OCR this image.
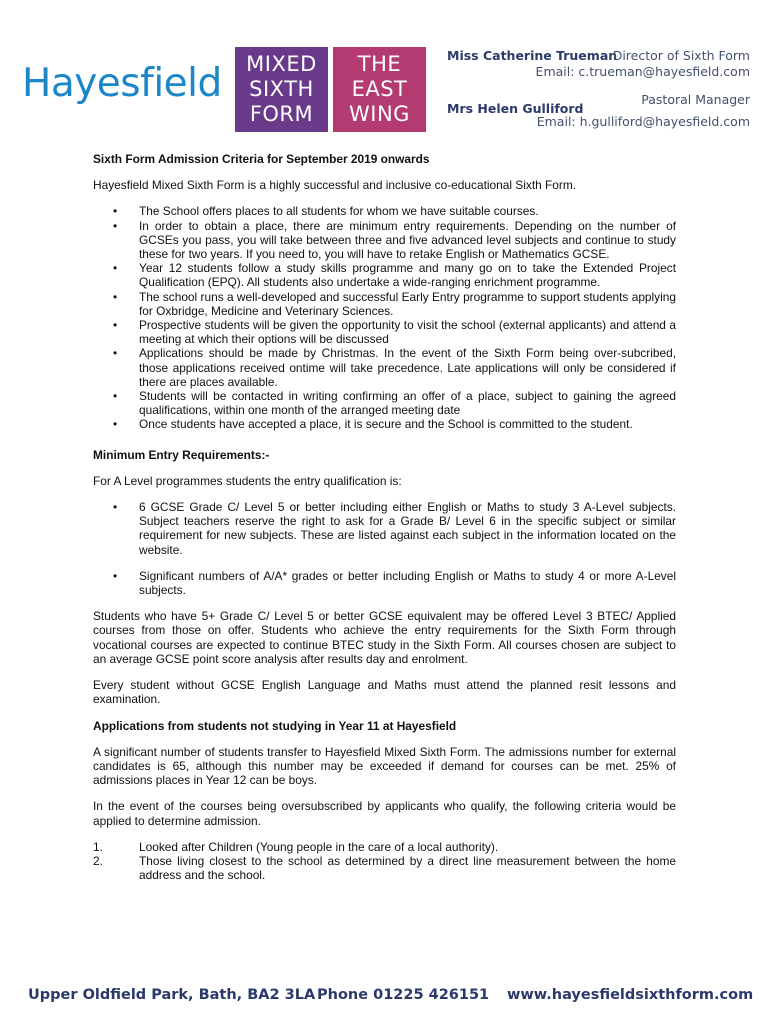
Hayesfield	MIXED
SIXTH
FORM
THE
EAST
WING
Miss Catherine Trueman
Director of Sixth Form
Email: c.trueman@hayesfield.com
Pastoral Manager
Mrs Helen Gulliford
Email: h.gulliford@hayesfield.com
Sixth Form Admission Criteria for September 2019 onwards

Hayesfield Mixed Sixth Form is a highly successful and inclusive co-educational Sixth Form.

• The School offers places to all students for whom we have suitable courses.
• In order to obtain a place, there are minimum entry requirements. Depending on the number of GCSEs you pass, you will take between three and five advanced level subjects and continue to study these for two years. If you need to, you will have to retake English or Mathematics GCSE.
• Year 12 students follow a study skills programme and many go on to take the Extended Project Qualification (EPQ). All students also undertake a wide-ranging enrichment programme.
• The school runs a well-developed and successful Early Entry programme to support students applying for Oxbridge, Medicine and Veterinary Sciences.
• Prospective students will be given the opportunity to visit the school (external applicants) and attend a meeting at which their options will be discussed
• Applications should be made by Christmas. In the event of the Sixth Form being over-subcribed, those applications received ontime will take precedence. Late applications will only be considered if there are places available.
• Students will be contacted in writing confirming an offer of a place, subject to gaining the agreed qualifications, within one month of the arranged meeting date
• Once students have accepted a place, it is secure and the School is committed to the student.
Minimum Entry Requirements:-

For A Level programmes students the entry qualification is:

• 6 GCSE Grade C/ Level 5 or better including either English or Maths to study 3 A-Level subjects. Subject teachers reserve the right to ask for a Grade B/ Level 6 in the specific subject or similar requirement for new subjects. These are listed against each subject in the information located on the website.
• Significant numbers of A/A* grades or better including English or Maths to study 4 or more A-Level subjects.

Students who have 5+ Grade C/ Level 5 or better GCSE equivalent may be offered Level 3 BTEC/ Applied courses from those on offer. Students who achieve the entry requirements for the Sixth Form through vocational courses are expected to continue BTEC study in the Sixth Form. All courses chosen are subject to an average GCSE point score analysis after results day and enrolment.

Every student without GCSE English Language and Maths must attend the planned resit lessons and examination.

Applications from students not studying in Year 11 at Hayesfield

A significant number of students transfer to Hayesfield Mixed Sixth Form. The admissions number for external candidates is 65, although this number may be exceeded if demand for courses can be met. 25% of admissions places in Year 12 can be boys.

In the event of the courses being oversubscribed by applicants who qualify, the following criteria would be applied to determine admission.

1.	Looked after Children (Young people in the care of a local authority).
2.	Those living closest to the school as determined by a direct line measurement between the home address and the school.
Upper Oldfield Park, Bath, BA2 3LA Phone 01225 426151 www.hayesfieldsixthform.com
